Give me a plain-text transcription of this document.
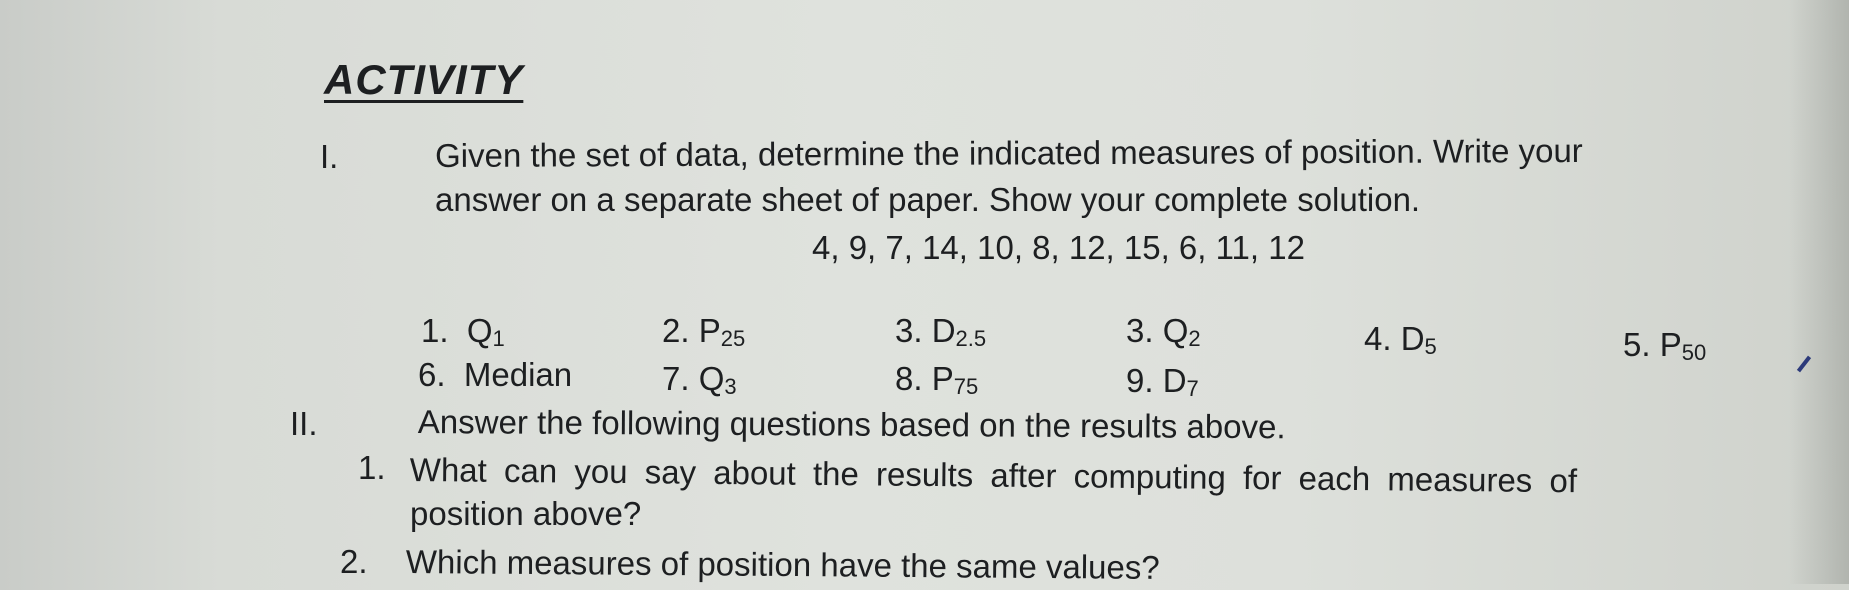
ACTIVITY
I.	Given the set of data, determine the indicated measures of position. Write your
answer on a separate sheet of paper. Show your complete solution.
4, 9, 7, 14, 10, 8, 12, 15, 6, 11, 12
1. $Q_1$	2. $P_{25}$	3. $D_{2.5}$	3. $Q_2$	4. $D_5$	5. $P_{50}$
6. Median	7. $Q_3$	8. $P_{75}$	9. $D_7$
II.	Answer the following questions based on the results above.
1. What can you say about the results after computing for each measures of
position above?
2. Which measures of position have the same values?
